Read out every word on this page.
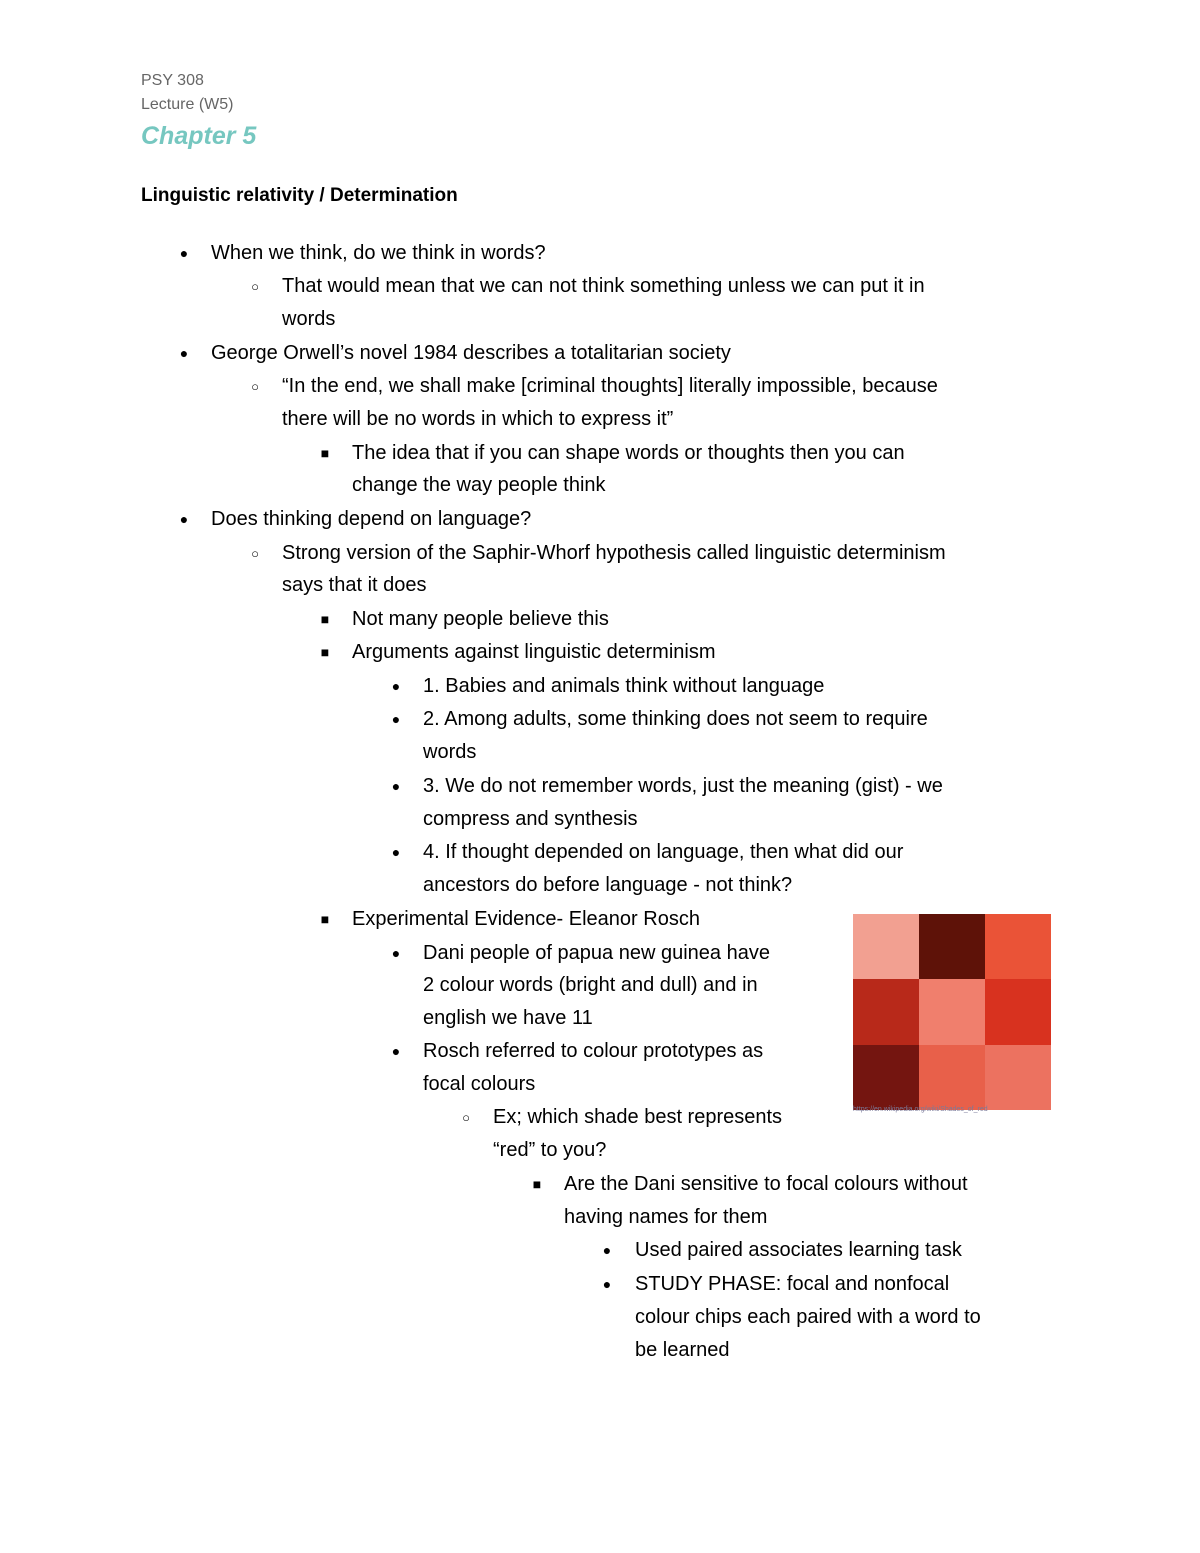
PSY 308
Lecture (W5)
Chapter 5
Linguistic relativity / Determination
●	When we think, do we think in words?
○	That would mean that we can not think something unless we can put it in
words
●	George Orwell’s novel 1984 describes a totalitarian society
○	“In the end, we shall make [criminal thoughts] literally impossible, because
there will be no words in which to express it”
■	The idea that if you can shape words or thoughts then you can
change the way people think
●	Does thinking depend on language?
○	Strong version of the Saphir-Whorf hypothesis called linguistic determinism
says that it does
■	Not many people believe this
■	Arguments against linguistic determinism
●	1. Babies and animals think without language
●	2. Among adults, some thinking does not seem to require
words
●	3. We do not remember words, just the meaning (gist) - we
compress and synthesis
●	4. If thought depended on language, then what did our
ancestors do before language - not think?
■	Experimental Evidence- Eleanor Rosch
●	Dani people of papua new guinea have
2 colour words (bright and dull) and in
english we have 11
●	Rosch referred to colour prototypes as
focal colours
○	Ex; which shade best represents
“red” to you?
■	Are the Dani sensitive to focal colours without
having names for them
●	Used paired associates learning task
●	STUDY PHASE: focal and nonfocal
colour chips each paired with a word to
be learned
https://en.wikipedia.org/wiki/Shades_of_red
